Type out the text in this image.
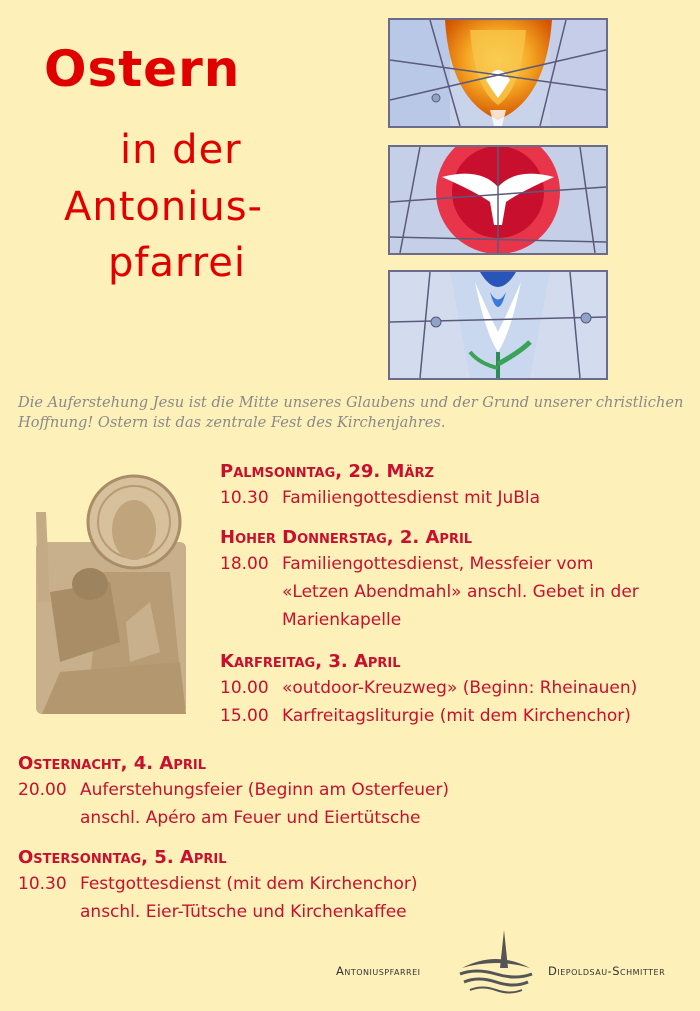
Ostern

in der

Antonius-

pfarrei

Die Auferstehung Jesu ist die Mitte unseres Glaubens und der Grund unserer christlichen Hoffnung! Ostern ist das zentrale Fest des Kirchenjahres.

Palmsonntag, 29. März
10.30 Familiengottesdienst mit JuBla
Hoher Donnerstag, 2. April
18.00 Familiengottesdienst, Messfeier vom
«Letzen Abendmahl» anschl. Gebet in der
Marienkapelle
Karfreitag, 3. April
10.00 «outdoor-Kreuzweg» (Beginn: Rheinauen)
15.00 Karfreitagsliturgie (mit dem Kirchenchor)
Osternacht, 4. April
20.00 Auferstehungsfeier (Beginn am Osterfeuer)
anschl. Apéro am Feuer und Eiertütsche
Ostersonntag, 5. April
10.30 Festgottesdienst (mit dem Kirchenchor)
anschl. Eier-Tütsche und Kirchenkaffee
Antoniuspfarrei	Diepoldsau-Schmitter
